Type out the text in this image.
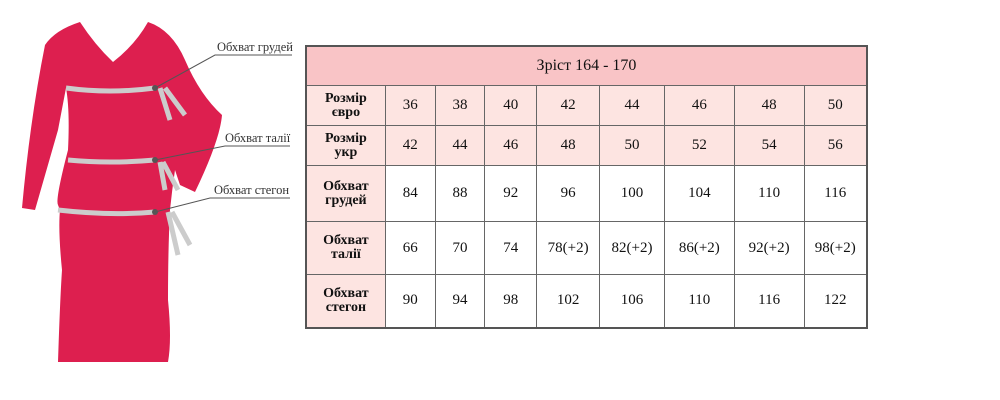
Обхват грудей
Обхват талії
Обхват стегон
Зріст 164 - 170								
Розмір
євро	36	38	40	42	44	46	48	50
Розмір
укр	42	44	46	48	50	52	54	56
Обхват
грудей	84	88	92	96	100	104	110	116
Обхват
талії	66	70	74	78(+2)	82(+2)	86(+2)	92(+2)	98(+2)
Обхват
стегон	90	94	98	102	106	110	116	122
